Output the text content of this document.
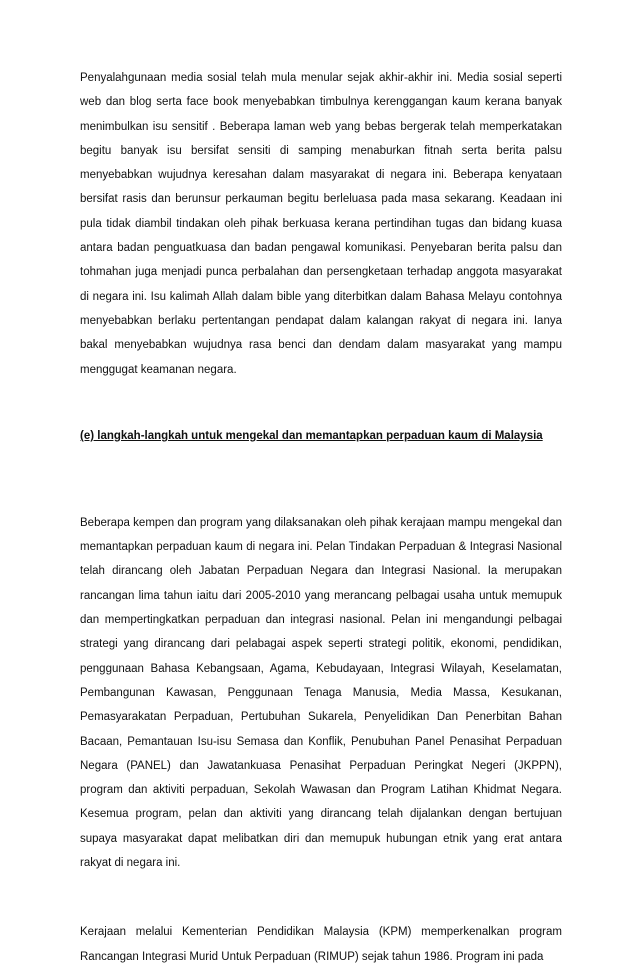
Penyalahgunaan media sosial telah mula menular sejak akhir-akhir ini. Media sosial seperti web dan blog serta face book menyebabkan timbulnya kerenggangan kaum kerana banyak menimbulkan isu sensitif . Beberapa laman web yang bebas bergerak telah memperkatakan begitu banyak isu bersifat sensiti di samping menaburkan fitnah serta berita palsu menyebabkan wujudnya keresahan dalam masyarakat di negara ini. Beberapa kenyataan bersifat rasis dan berunsur perkauman begitu berleluasa pada masa sekarang. Keadaan ini pula tidak diambil tindakan oleh pihak berkuasa kerana pertindihan tugas dan bidang kuasa antara badan penguatkuasa dan badan pengawal komunikasi. Penyebaran berita palsu dan tohmahan juga menjadi punca perbalahan dan persengketaan terhadap anggota masyarakat di negara ini. Isu kalimah Allah dalam bible yang diterbitkan dalam Bahasa Melayu contohnya menyebabkan berlaku pertentangan pendapat dalam kalangan rakyat di negara ini. Ianya bakal menyebabkan wujudnya rasa benci dan dendam dalam masyarakat yang mampu menggugat keamanan negara.

(e) langkah-langkah untuk mengekal dan memantapkan perpaduan kaum di Malaysia

Beberapa kempen dan program yang dilaksanakan oleh pihak kerajaan mampu mengekal dan memantapkan perpaduan kaum di negara ini. Pelan Tindakan Perpaduan & Integrasi Nasional telah dirancang oleh Jabatan Perpaduan Negara dan Integrasi Nasional. Ia merupakan rancangan lima tahun iaitu dari 2005-2010 yang merancang pelbagai usaha untuk memupuk dan mempertingkatkan perpaduan dan integrasi nasional. Pelan ini mengandungi pelbagai strategi yang dirancang dari pelabagai aspek seperti strategi politik, ekonomi, pendidikan, penggunaan Bahasa Kebangsaan, Agama, Kebudayaan, Integrasi Wilayah, Keselamatan, Pembangunan Kawasan, Penggunaan Tenaga Manusia, Media Massa, Kesukanan, Pemasyarakatan Perpaduan, Pertubuhan Sukarela, Penyelidikan Dan Penerbitan Bahan Bacaan, Pemantauan Isu-isu Semasa dan Konflik, Penubuhan Panel Penasihat Perpaduan Negara (PANEL) dan Jawatankuasa Penasihat Perpaduan Peringkat Negeri (JKPPN), program dan aktiviti perpaduan, Sekolah Wawasan dan Program Latihan Khidmat Negara. Kesemua program, pelan dan aktiviti yang dirancang telah dijalankan dengan bertujuan supaya masyarakat dapat melibatkan diri dan memupuk hubungan etnik yang erat antara rakyat di negara ini.

Kerajaan melalui Kementerian Pendidikan Malaysia (KPM) memperkenalkan program Rancangan Integrasi Murid Untuk Perpaduan (RIMUP) sejak tahun 1986. Program ini pada
